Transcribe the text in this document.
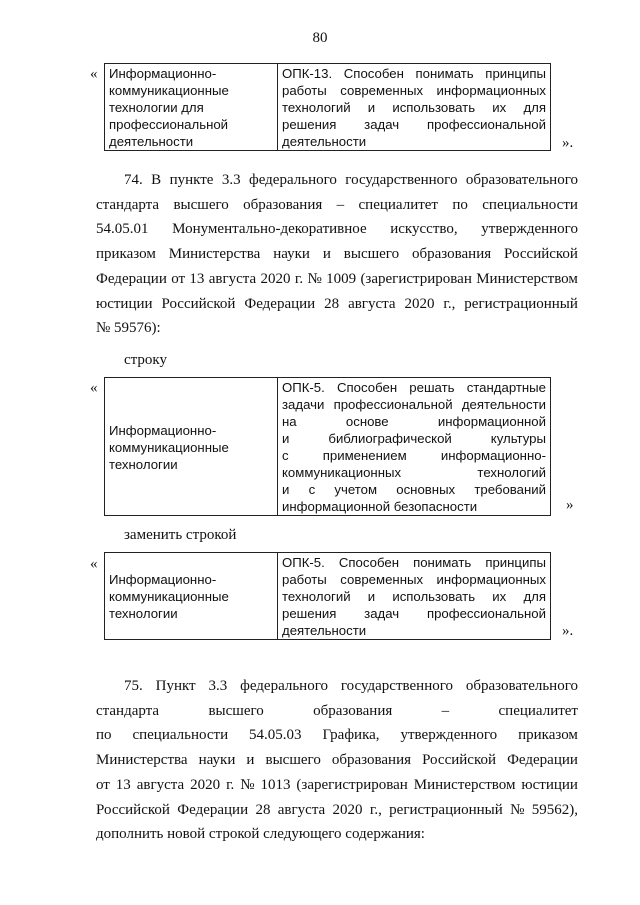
80
« Информационно-
коммуникационные
технологии для
профессиональной
деятельности

ОПК-13. Способен понимать принципы
работы современных информационных
технологий и использовать их для
решения задач профессиональной
деятельности	».
74. В пункте 3.3 федерального государственного образовательного
стандарта высшего образования – специалитет по специальности
54.05.01 Монументально-декоративное искусство, утвержденного
приказом Министерства науки и высшего образования Российской
Федерации от 13 августа 2020 г. № 1009 (зарегистрирован Министерством
юстиции Российской Федерации 28 августа 2020 г., регистрационный
№ 59576):
строку
«
Информационно-
коммуникационные
технологии

ОПК-5. Способен решать стандартные
задачи профессиональной деятельности
на	основе	информационной
и	библиографической	культуры
с	применением	информационно-
коммуникационных	технологий
и с учетом основных требований
информационной безопасности	»
заменить строкой
«
Информационно-
коммуникационные
технологии

ОПК-5. Способен понимать принципы
работы современных информационных
технологий и использовать их для
решения задач профессиональной
деятельности	».
75. Пункт 3.3 федерального государственного образовательного
стандарта	высшего	образования	–	специалитет
по специальности 54.05.03 Графика, утвержденного приказом
Министерства науки и высшего образования Российской Федерации
от 13 августа 2020 г. № 1013 (зарегистрирован Министерством юстиции
Российской Федерации 28 августа 2020 г., регистрационный № 59562),
дополнить новой строкой следующего содержания:
